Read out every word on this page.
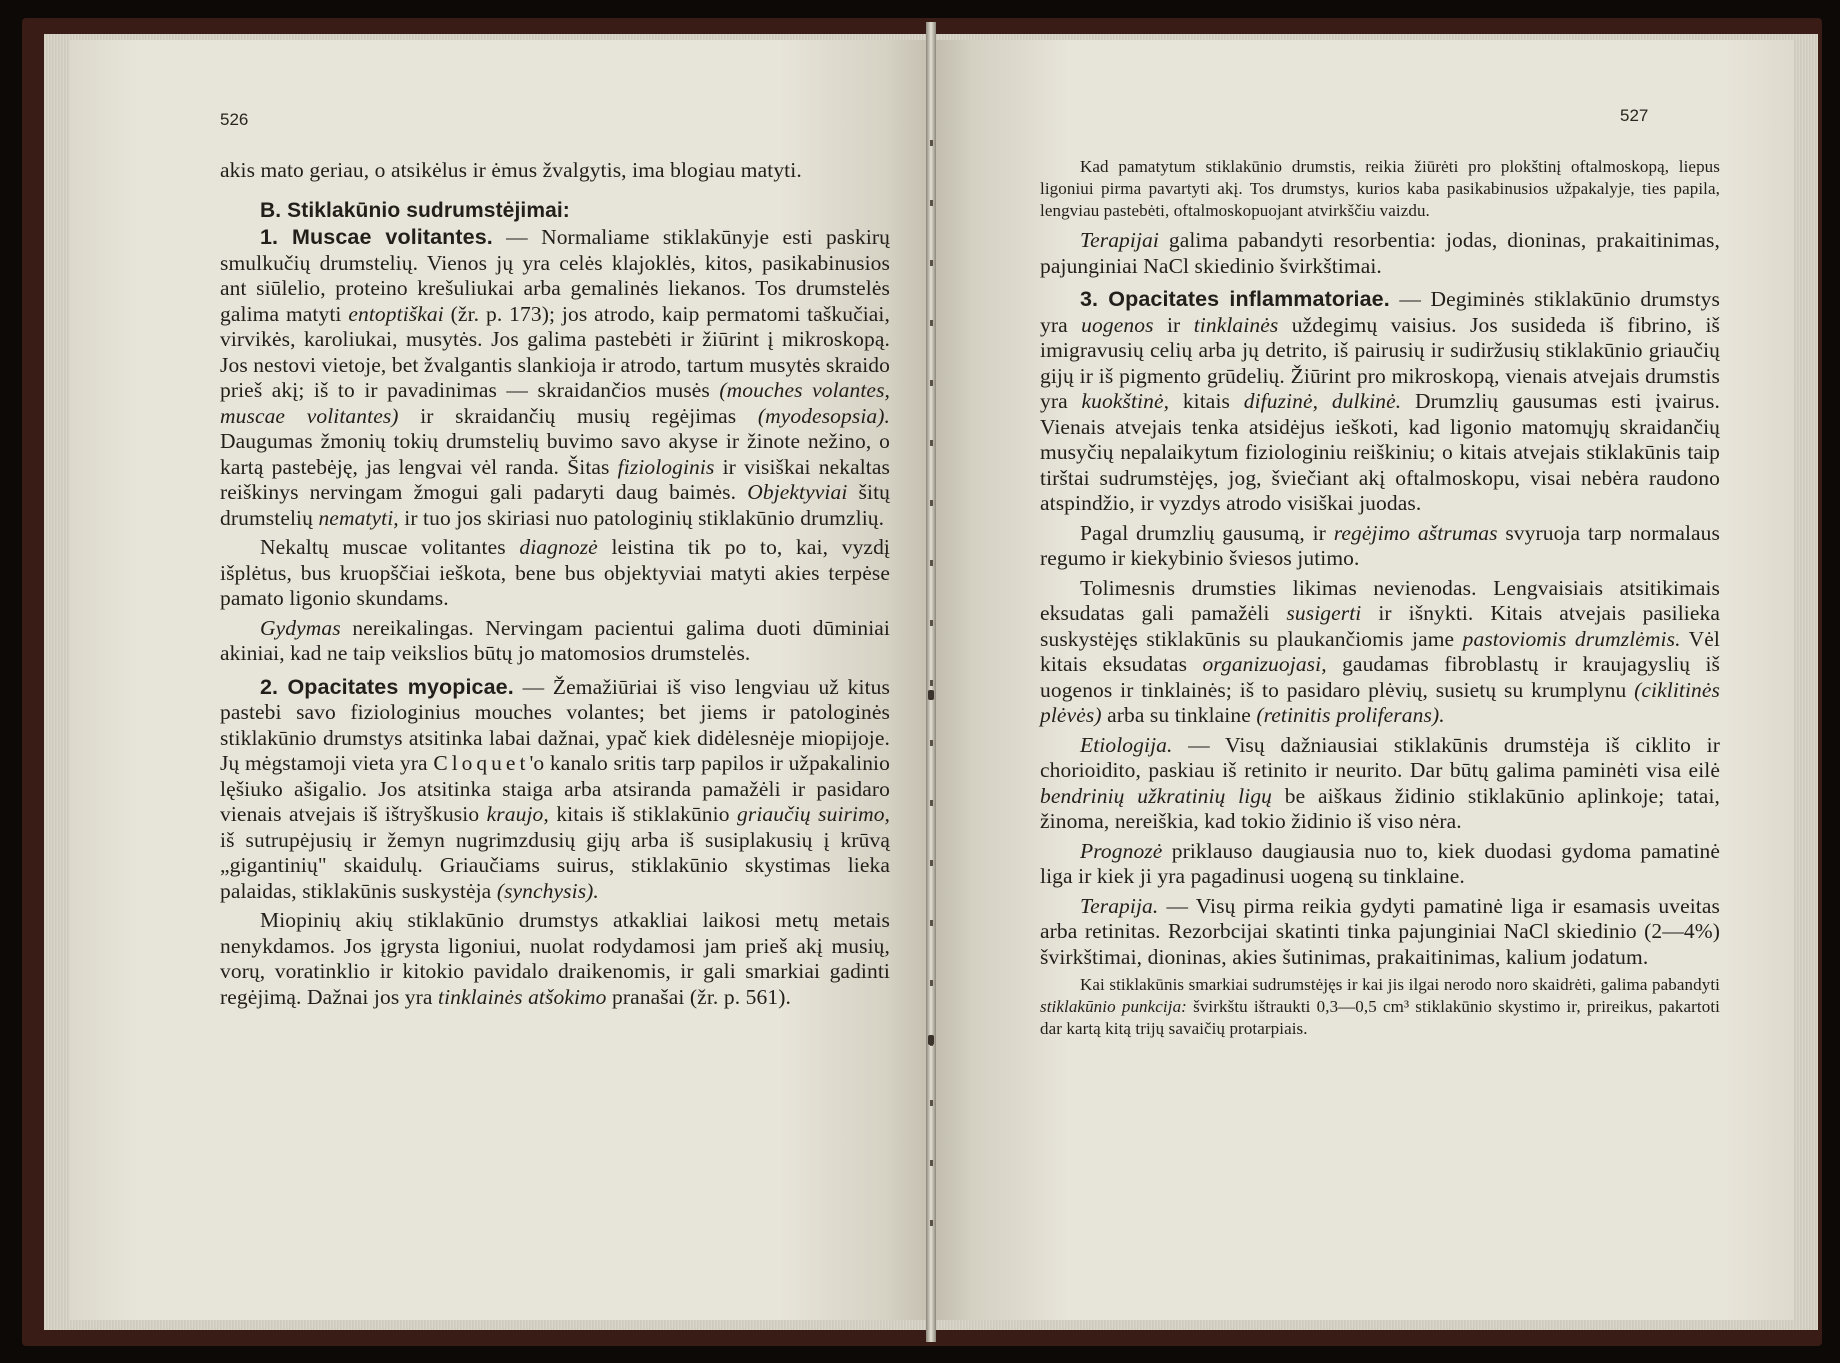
526

akis mato geriau, o atsikėlus ir ėmus žvalgytis, ima blogiau matyti.

B. Stiklakūnio sudrumstėjimai:

1. Muscae volitantes. — Normaliame stiklakūnyje esti paskirų smulkučių drumstelių. Vienos jų yra celės klajoklės, kitos, pasikabinusios ant siūlelio, proteino krešuliukai arba gemalinės liekanos. Tos drumstelės galima matyti entoptiškai (žr. p. 173); jos atrodo, kaip permatomi taškučiai, virvikės, karoliukai, musytės. Jos galima pastebėti ir žiūrint į mikroskopą. Jos nestovi vietoje, bet žvalgantis slankioja ir atrodo, tartum musytės skraido prieš akį; iš to ir pavadinimas — skraidančios musės (mouches volantes, muscae volitantes) ir skraidančių musių regėjimas (myodesopsia). Daugumas žmonių tokių drumstelių buvimo savo akyse ir žinote nežino, o kartą pastebėję, jas lengvai vėl randa. Šitas fiziologinis ir visiškai nekaltas reiškinys nervingam žmogui gali padaryti daug baimės. Objektyviai šitų drumstelių nematyti, ir tuo jos skiriasi nuo patologinių stiklakūnio drumzlių.

Nekaltų muscae volitantes diagnozė leistina tik po to, kai, vyzdį išplėtus, bus kruopščiai ieškota, bene bus objektyviai matyti akies terpėse pamato ligonio skundams.

Gydymas nereikalingas. Nervingam pacientui galima duoti dūminiai akiniai, kad ne taip veikslios būtų jo matomosios drumstelės.

2. Opacitates myopicae. — Žemažiūriai iš viso lengviau už kitus pastebi savo fiziologinius mouches volantes; bet jiems ir patologinės stiklakūnio drumstys atsitinka labai dažnai, ypač kiek didėlesnėje miopijoje. Jų mėgstamoji vieta yra Cloquet'o kanalo sritis tarp papilos ir užpakalinio lęšiuko ašigalio. Jos atsitinka staiga arba atsiranda pamažėli ir pasidaro vienais atvejais iš ištryškusio kraujo, kitais iš stiklakūnio griaučių suirimo, iš sutrupėjusių ir žemyn nugrimzdusių gijų arba iš susiplakusių į krūvą „gigantinių" skaidulų. Griaučiams suirus, stiklakūnio skystimas lieka palaidas, stiklakūnis suskystėja (synchysis).

Miopinių akių stiklakūnio drumstys atkakliai laikosi metų metais nenykdamos. Jos įgrysta ligoniui, nuolat rodydamosi jam prieš akį musių, vorų, voratinklio ir kitokio pavidalo draikenomis, ir gali smarkiai gadinti regėjimą. Dažnai jos yra tinklainės atšokimo pranašai (žr. p. 561).

527

Kad pamatytum stiklakūnio drumstis, reikia žiūrėti pro plokštinį oftalmoskopą, liepus ligoniui pirma pavartyti akį. Tos drumstys, kurios kaba pasikabinusios užpakalyje, ties papila, lengviau pastebėti, oftalmoskopuojant atvirkščiu vaizdu.

Terapijai galima pabandyti resorbentia: jodas, dioninas, prakaitinimas, pajunginiai NaCl skiedinio švirkštimai.

3. Opacitates inflammatoriae. — Degiminės stiklakūnio drumstys yra uogenos ir tinklainės uždegimų vaisius. Jos susideda iš fibrino, iš imigravusių celių arba jų detrito, iš pairusių ir sudiržusių stiklakūnio griaučių gijų ir iš pigmento grūdelių. Žiūrint pro mikroskopą, vienais atvejais drumstis yra kuokštinė, kitais difuzinė, dulkinė. Drumzlių gausumas esti įvairus. Vienais atvejais tenka atsidėjus ieškoti, kad ligonio matomųjų skraidančių musyčių nepalaikytum fiziologiniu reiškiniu; o kitais atvejais stiklakūnis taip tirštai sudrumstėjęs, jog, šviečiant akį oftalmoskopu, visai nebėra raudono atspindžio, ir vyzdys atrodo visiškai juodas.

Pagal drumzlių gausumą, ir regėjimo aštrumas svyruoja tarp normalaus regumo ir kiekybinio šviesos jutimo.

Tolimesnis drumsties likimas nevienodas. Lengvaisiais atsitikimais eksudatas gali pamažėli susigerti ir išnykti. Kitais atvejais pasilieka suskystėjęs stiklakūnis su plaukančiomis jame pastoviomis drumzlėmis. Vėl kitais eksudatas organizuojasi, gaudamas fibroblastų ir kraujagyslių iš uogenos ir tinklainės; iš to pasidaro plėvių, susietų su krumplynu (ciklitinės plėvės) arba su tinklaine (retinitis proliferans).

Etiologija. — Visų dažniausiai stiklakūnis drumstėja iš ciklito ir chorioidito, paskiau iš retinito ir neurito. Dar būtų galima paminėti visa eilė bendrinių užkratinių ligų be aiškaus židinio stiklakūnio aplinkoje; tatai, žinoma, nereiškia, kad tokio židinio iš viso nėra.

Prognozė priklauso daugiausia nuo to, kiek duodasi gydoma pamatinė liga ir kiek ji yra pagadinusi uogeną su tinklaine.

Terapija. — Visų pirma reikia gydyti pamatinė liga ir esamasis uveitas arba retinitas. Rezorbcijai skatinti tinka pajunginiai NaCl skiedinio (2—4%) švirkštimai, dioninas, akies šutinimas, prakaitinimas, kalium jodatum.

Kai stiklakūnis smarkiai sudrumstėjęs ir kai jis ilgai nerodo noro skaidrėti, galima pabandyti stiklakūnio punkcija: švirkštu ištraukti 0,3—0,5 cm³ stiklakūnio skystimo ir, prireikus, pakartoti dar kartą kitą trijų savaičių protarpiais.
